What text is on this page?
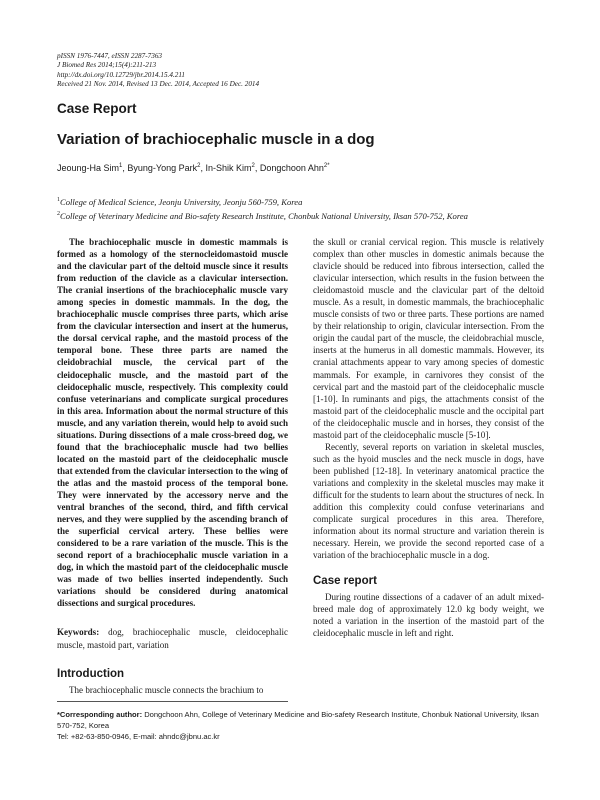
pISSN 1976-7447, eISSN 2287-7363
J Biomed Res 2014;15(4):211-213
http://dx.doi.org/10.12729/jbr.2014.15.4.211
Received 21 Nov. 2014, Revised 13 Dec. 2014, Accepted 16 Dec. 2014
Case Report
Variation of brachiocephalic muscle in a dog
Jeoung-Ha Sim$^1$, Byung-Yong Park$^2$, In-Shik Kim$^2$, Dongchoon Ahn$^{2*}$
$^1$College of Medical Science, Jeonju University, Jeonju 560-759, Korea
$^2$College of Veterinary Medicine and Bio-safety Research Institute, Chonbuk National University, Iksan 570-752, Korea

The brachiocephalic muscle in domestic mammals is formed as a homology of the sternocleidomastoid muscle and the clavicular part of the deltoid muscle since it results from reduction of the clavicle as a clavicular intersection. The cranial insertions of the brachiocephalic muscle vary among species in domestic mammals. In the dog, the brachiocephalic muscle comprises three parts, which arise from the clavicular intersection and insert at the humerus, the dorsal cervical raphe, and the mastoid process of the temporal bone. These three parts are named the cleidobrachial muscle, the cervical part of the cleidocephalic muscle, and the mastoid part of the cleidocephalic muscle, respectively. This complexity could confuse veterinarians and complicate surgical procedures in this area. Information about the normal structure of this muscle, and any variation therein, would help to avoid such situations. During dissections of a male cross-breed dog, we found that the brachiocephalic muscle had two bellies located on the mastoid part of the cleidocephalic muscle that extended from the clavicular intersection to the wing of the atlas and the mastoid process of the temporal bone. They were innervated by the accessory nerve and the ventral branches of the second, third, and fifth cervical nerves, and they were supplied by the ascending branch of the superficial cervical artery. These bellies were considered to be a rare variation of the muscle. This is the second report of a brachiocephalic muscle variation in a dog, in which the mastoid part of the cleidocephalic muscle was made of two bellies inserted independently. Such variations should be considered during anatomical dissections and surgical procedures.

Keywords: dog, brachiocephalic muscle, cleidocephalic muscle, mastoid part, variation

Introduction

The brachiocephalic muscle connects the brachium to

the skull or cranial cervical region. This muscle is relatively complex than other muscles in domestic animals because the clavicle should be reduced into fibrous intersection, called the clavicular intersection, which results in the fusion between the cleidomastoid muscle and the clavicular part of the deltoid muscle. As a result, in domestic mammals, the brachiocephalic muscle consists of two or three parts. These portions are named by their relationship to origin, clavicular intersection. From the origin the caudal part of the muscle, the cleidobrachial muscle, inserts at the humerus in all domestic mammals. However, its cranial attachments appear to vary among species of domestic mammals. For example, in carnivores they consist of the cervical part and the mastoid part of the cleidocephalic muscle [1-10]. In ruminants and pigs, the attachments consist of the mastoid part of the cleidocephalic muscle and the occipital part of the cleidocephalic muscle and in horses, they consist of the mastoid part of the cleidocephalic muscle [5-10].

Recently, several reports on variation in skeletal muscles, such as the hyoid muscles and the neck muscle in dogs, have been published [12-18]. In veterinary anatomical practice the variations and complexity in the skeletal muscles may make it difficult for the students to learn about the structures of neck. In addition this complexity could confuse veterinarians and complicate surgical procedures in this area. Therefore, information about its normal structure and variation therein is necessary. Herein, we provide the second reported case of a variation of the brachiocephalic muscle in a dog.

Case report

During routine dissections of a cadaver of an adult mixed-breed male dog of approximately 12.0 kg body weight, we noted a variation in the insertion of the mastoid part of the cleidocephalic muscle in left and right.

*Corresponding author: Dongchoon Ahn, College of Veterinary Medicine and Bio-safety Research Institute, Chonbuk National University, Iksan 570-752, Korea
Tel: +82-63-850-0946, E-mail: ahndc@jbnu.ac.kr
